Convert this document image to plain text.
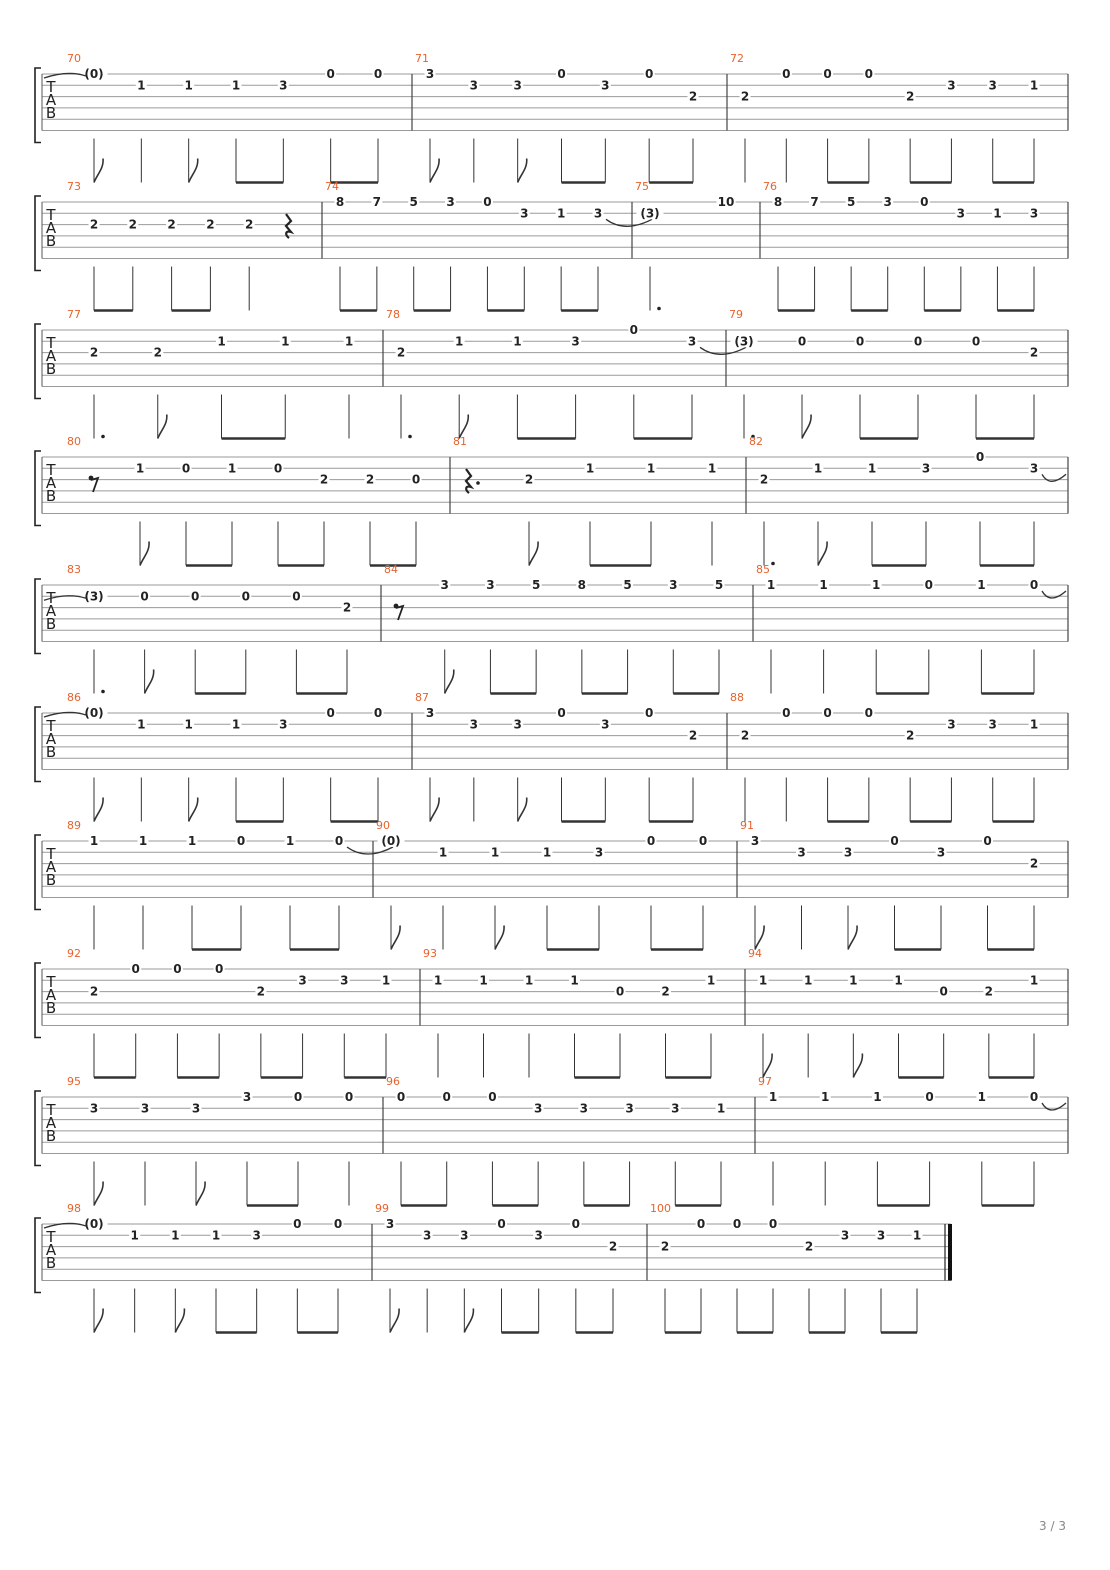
T
A
B
70
(0)
1	1	1	3
0	0
71
3
3	3
0
3
0
2
72
2
0	0	0
2
3	3	1
T
A
B
73
2	2	2	2	2
74
8 7 5 3 0
3 1 3
75
(3)
10
76
8 7 5 3 0
3 1 3
T
A
B
77
2	2
1	1	1
78
2
1	1	3
0
3
79
(3)	0	0	0	0
2
T
A
B
80
1	0	1	0
2	2	0
81
2
1	1	1
82
2
1	1	3
0
3
T
A
B
83
(3)	0	0	0	0
2
84
3	3	5	8	5	3	5
85
1	1	1	0	1	0
T
A
B
86
(0)
1	1	1	3
0	0
87
3
3	3
0
3
0
2
88
2
0	0	0
2
3	3	1
T
A
B
89
1	1	1	0	1	0
90
(0)
1	1	1	3
0	0
91
3
3	3
0
3
0
2
T
A
B
92
2
0	0	0
2
3	3	1
93
1	1	1	1
0	2
1
94
1	1	1	1
0	2
1
T
A
B
95
3	3	3
3	0	0
96
0	0	0
3	3	3	3	1
97
1	1	1	0	1	0
T
A
B
98
(0)
1	1	1	3
0	0
99
3
3 3
0
3
0
2
100
2
0 0 0
2
3 3 1
3 / 3
